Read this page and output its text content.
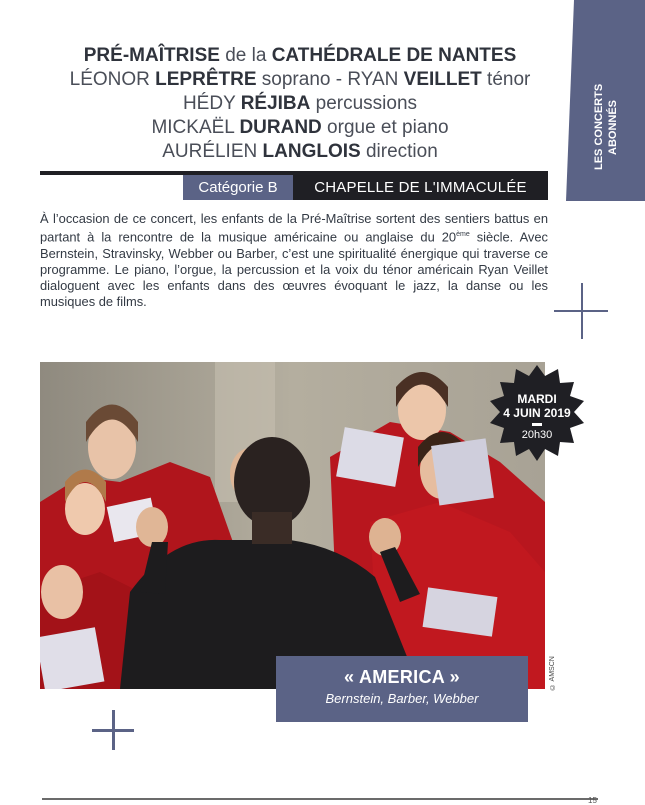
PRÉ-MAÎTRISE de la CATHÉDRALE DE NANTES
LÉONOR LEPRÊTRE soprano - RYAN VEILLET ténor
HÉDY RÉJIBA percussions
MICKAËL DURAND orgue et piano
AURÉLIEN LANGLOIS direction
Catégorie B	CHAPELLE DE L'IMMACULÉE
LES CONCERTS ABONNÉS
À l’occasion de ce concert, les enfants de la Pré-Maîtrise sortent des sentiers battus en partant à la rencontre de la musique américaine ou anglaise du 20ème siècle. Avec Bernstein, Stravinsky, Webber ou Barber, c’est une spiritualité énergique qui traverse ce programme. Le piano, l’orgue, la percussion et la voix du ténor américain Ryan Veillet dialoguent avec les enfants dans des œuvres évoquant le jazz, la danse ou les musiques de films.
© AMSCN
MARDI
4 JUIN 2019
20h30
« AMERICA »
Bernstein, Barber, Webber
15
